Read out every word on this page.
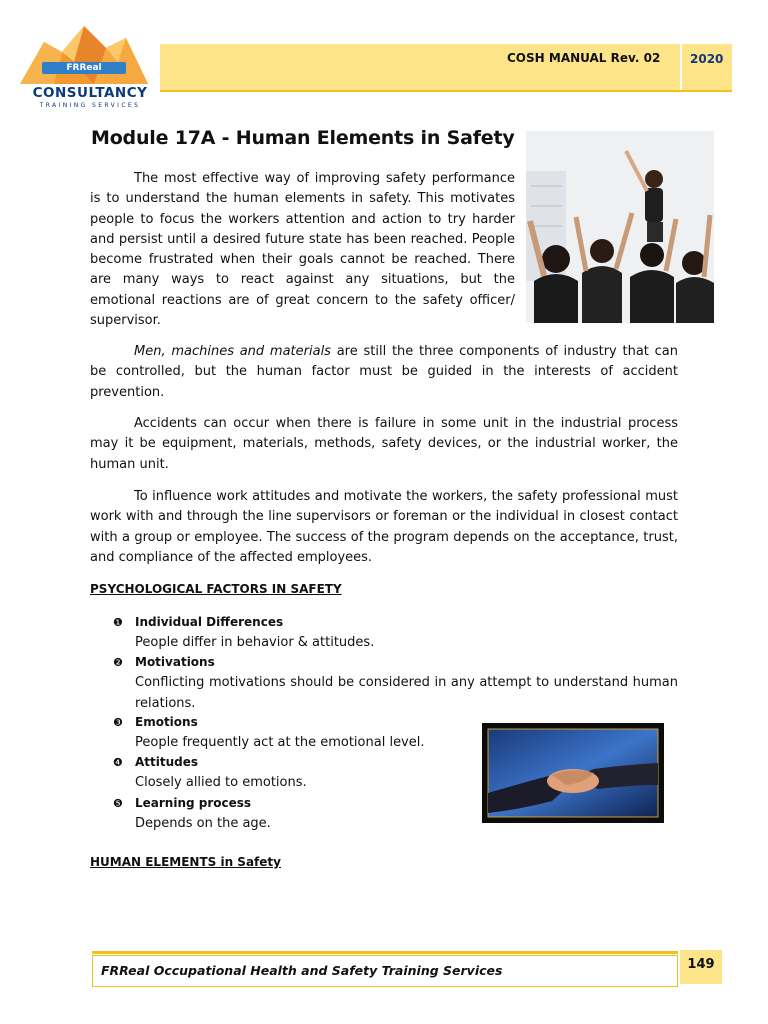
FRReal
CONSULTANCY
TRAINING SERVICES
COSH MANUAL Rev. 02 2020
Module 17A - Human Elements in Safety
The most effective way of improving safety performance is to understand the human elements in safety. This motivates people to focus the workers attention and action to try harder and persist until a desired future state has been reached. People become frustrated when their goals cannot be reached. There are many ways to react against any situations, but the emotional reactions are of great concern to the safety officer/ supervisor.
Men, machines and materials are still the three components of industry that can be controlled, but the human factor must be guided in the interests of accident prevention.
Accidents can occur when there is failure in some unit in the industrial process may it be equipment, materials, methods, safety devices, or the industrial worker, the human unit.
To influence work attitudes and motivate the workers, the safety professional must work with and through the line supervisors or foreman or the individual in closest contact with a group or employee. The success of the program depends on the acceptance, trust, and compliance of the affected employees.
PSYCHOLOGICAL FACTORS IN SAFETY
❶ Individual Differences
People differ in behavior & attitudes.
❷ Motivations
Conflicting motivations should be considered in any attempt to understand human relations.
❸ Emotions
People frequently act at the emotional level.
❹ Attitudes
Closely allied to emotions.
❺ Learning process
Depends on the age.
HUMAN ELEMENTS in Safety
FRReal Occupational Health and Safety Training Services	149
